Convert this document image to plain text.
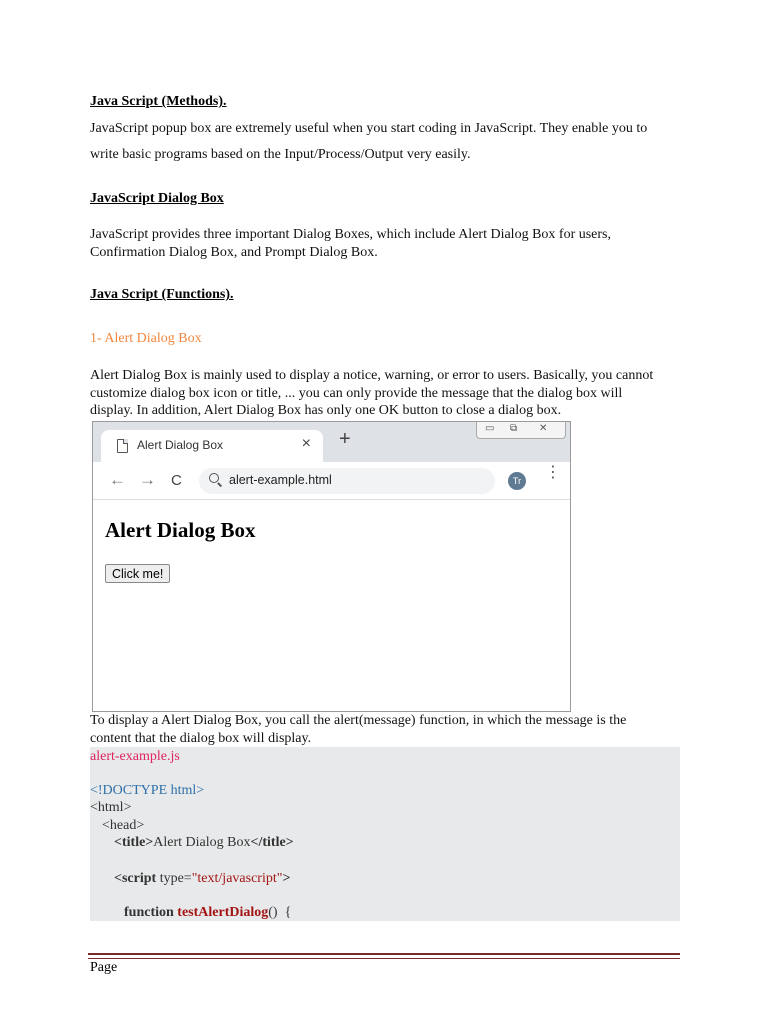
Java Script (Methods).
JavaScript popup box are extremely useful when you start coding in JavaScript. They enable you to
write basic programs based on the Input/Process/Output very easily.
JavaScript Dialog Box
JavaScript provides three important Dialog Boxes, which include Alert Dialog Box for users,
Confirmation Dialog Box, and Prompt Dialog Box.
Java Script (Functions).
1- Alert Dialog Box
Alert Dialog Box is mainly used to display a notice, warning, or error to users. Basically, you cannot
customize dialog box icon or title, ... you can only provide the message that the dialog box will
display. In addition, Alert Dialog Box has only one OK button to close a dialog box.
Alert Dialog Box	× +	▭ ⧉ ✕
← → C	alert-example.html	Tr	⋮
Alert Dialog Box
Click me!
To display a Alert Dialog Box, you call the alert(message) function, in which the message is the
content that the dialog box will display.
alert-example.js
<!DOCTYPE html>
<html>
<head>
<title>Alert Dialog Box</title>
<script type="text/javascript">
function testAlertDialog()  {
Page
